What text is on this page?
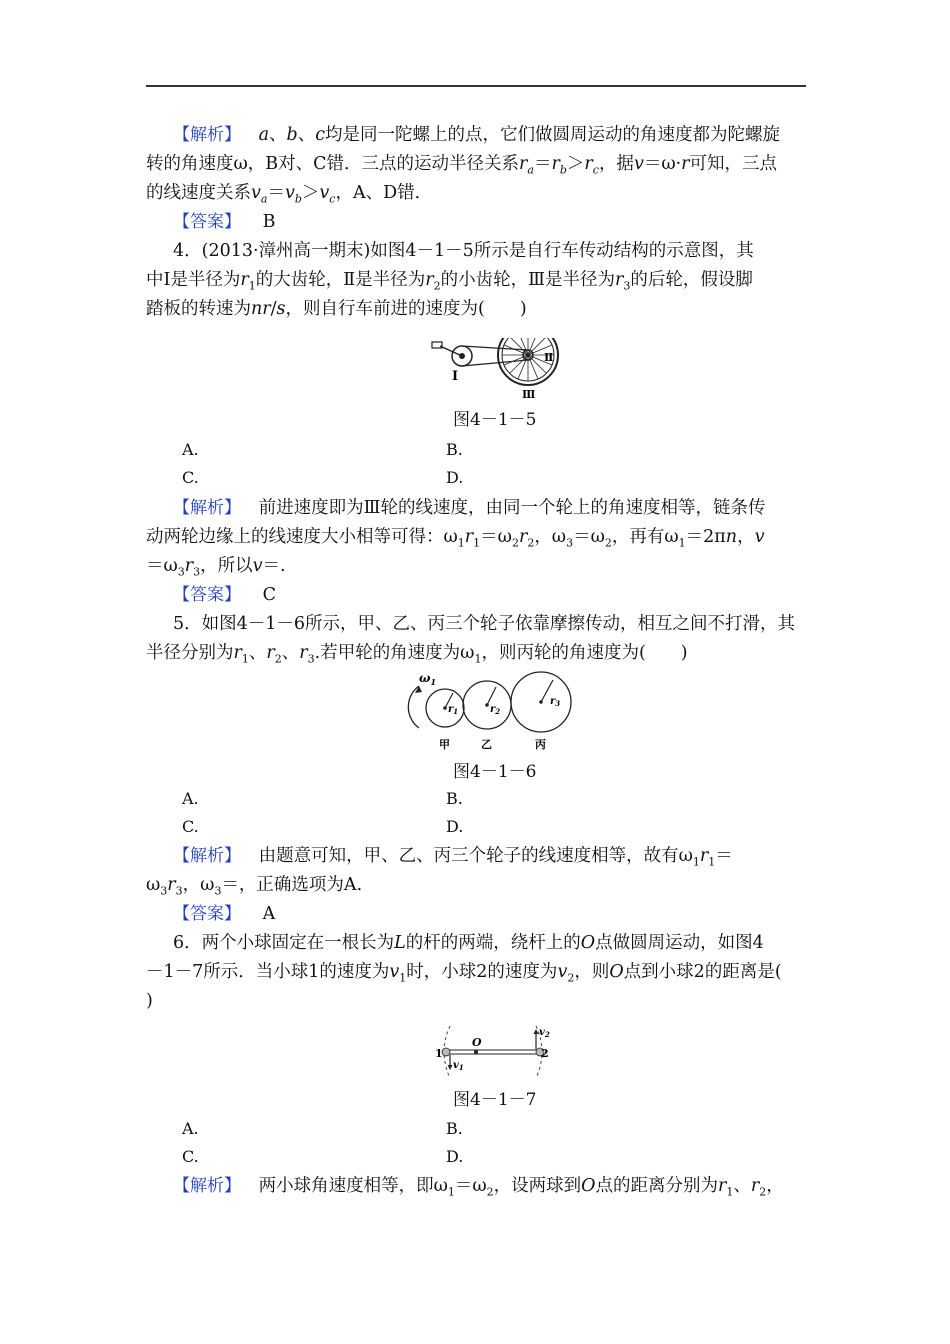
【解析】 a、b、c均是同一陀螺上的点，它们做圆周运动的角速度都为陀螺旋
转的角速度ω，B对、C错．三点的运动半径关系$r_a=r_b>r_c$，据v＝ω·r可知，三点
的线速度关系$v_a=v_b>v_c$，A、D错．
【答案】 B
4．(2013·漳州高一期末)如图4－1－5所示是自行车传动结构的示意图，其
中Ⅰ是半径为$r_1$的大齿轮，Ⅱ是半径为$r_2$的小齿轮，Ⅲ是半径为$r_3$的后轮，假设脚
踏板的转速为nr/s，则自行车前进的速度为(　　)
Ⅰ
Ⅱ
Ⅲ
图4－1－5
A.	B.
C.	D.
【解析】 前进速度即为Ⅲ轮的线速度，由同一个轮上的角速度相等，链条传
动两轮边缘上的线速度大小相等可得：$\omega_1r_1=\omega_2r_2$，$\omega_3=\omega_2$，再有$\omega_1=2\pi n$，v
$=\omega_3r_3$，所以v＝.
【答案】 C
5．如图4－1－6所示，甲、乙、丙三个轮子依靠摩擦传动，相互之间不打滑，其
半径分别为$r_1$、$r_2$、$r_3$.若甲轮的角速度为$\omega_1$，则丙轮的角速度为(　　)
$\omega_1$
$r_1$	$r_2$
$r_3$
甲	乙	丙
图4－1－6
A.	B.
C.	D.
【解析】 由题意可知，甲、乙、丙三个轮子的线速度相等，故有$\omega_1r_1=$
$\omega_3r_3$，$\omega_3=$，正确选项为A.
【答案】 A
6．两个小球固定在一根长为L的杆的两端，绕杆上的O点做圆周运动，如图4
－1－7所示．当小球1的速度为$v_1$时，小球2的速度为$v_2$，则O点到小球2的距离是(
)
1	2
O
$v_1$
$v_2$
图4－1－7
A.	B.
C.	D.
【解析】 两小球角速度相等，即$\omega_1=\omega_2$，设两球到O点的距离分别为$r_1$、$r_2$，
